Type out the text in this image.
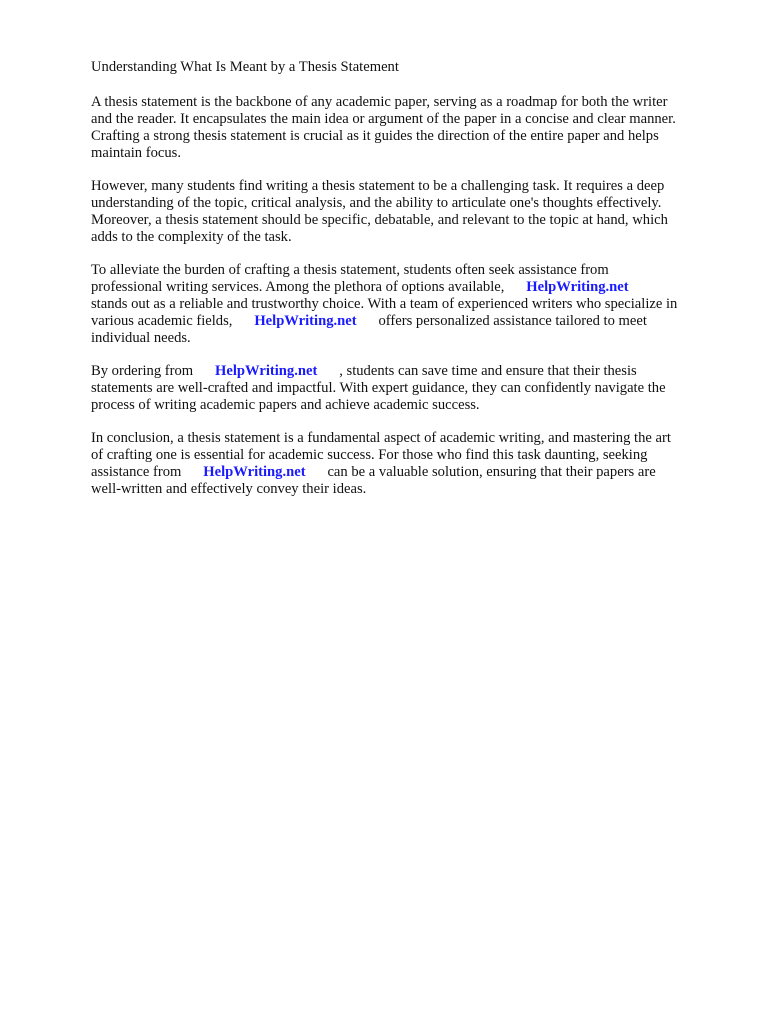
Understanding What Is Meant by a Thesis Statement
A thesis statement is the backbone of any academic paper, serving as a roadmap for both the writer
and the reader. It encapsulates the main idea or argument of the paper in a concise and clear manner.
Crafting a strong thesis statement is crucial as it guides the direction of the entire paper and helps
maintain focus.
However, many students find writing a thesis statement to be a challenging task. It requires a deep
understanding of the topic, critical analysis, and the ability to articulate one's thoughts effectively.
Moreover, a thesis statement should be specific, debatable, and relevant to the topic at hand, which
adds to the complexity of the task.
To alleviate the burden of crafting a thesis statement, students often seek assistance from
professional writing services. Among the plethora of options available, HelpWriting.net
stands out as a reliable and trustworthy choice. With a team of experienced writers who specialize in
various academic fields, HelpWriting.net offers personalized assistance tailored to meet
individual needs.
By ordering from HelpWriting.net , students can save time and ensure that their thesis
statements are well-crafted and impactful. With expert guidance, they can confidently navigate the
process of writing academic papers and achieve academic success.
In conclusion, a thesis statement is a fundamental aspect of academic writing, and mastering the art
of crafting one is essential for academic success. For those who find this task daunting, seeking
assistance from HelpWriting.net can be a valuable solution, ensuring that their papers are
well-written and effectively convey their ideas.
